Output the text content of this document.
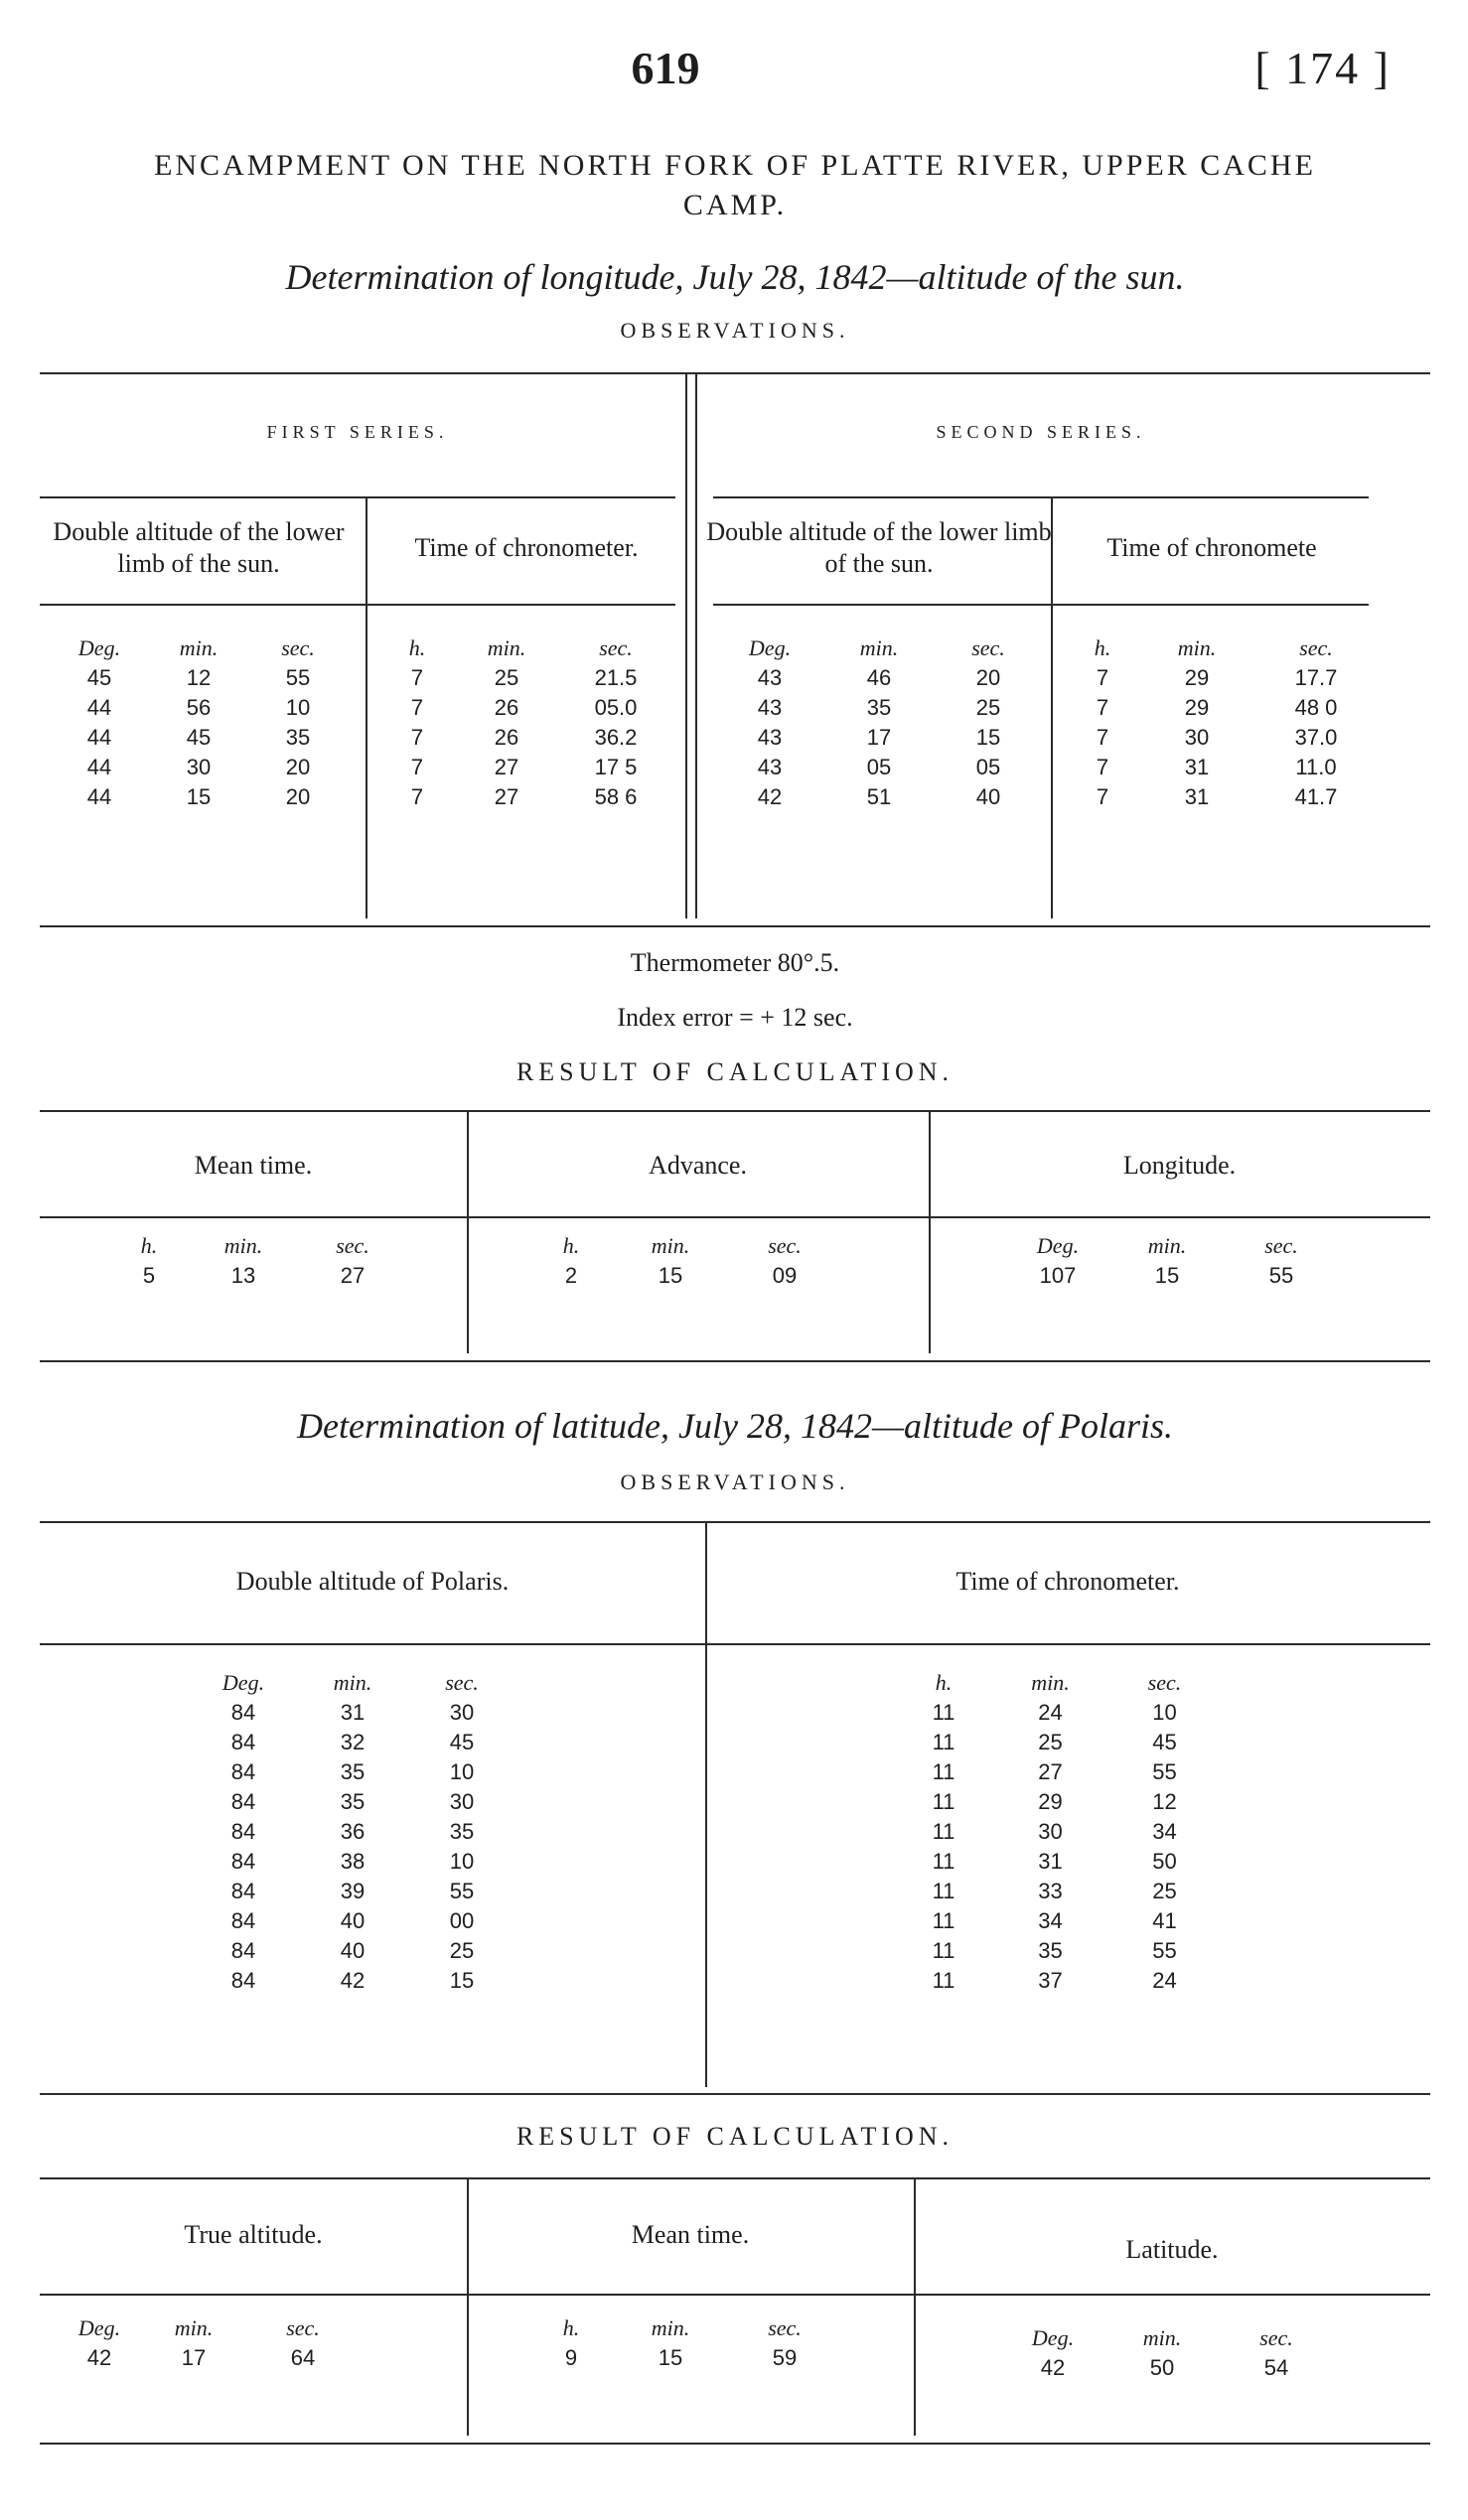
619	[ 174 ]
ENCAMPMENT ON THE NORTH FORK OF PLATTE RIVER, UPPER CACHE
CAMP.
Determination of longitude, July 28, 1842—altitude of the sun.
OBSERVATIONS.
FIRST SERIES.	SECOND SERIES.
Double altitude of the lower limb of the sun.
Time of chronometer.
Double altitude of the lower limb of the sun.
Time of chronomete
Deg.	min.	sec.
45	12	55
44	56	10
44	45	35
44	30	20
44	15	20
h.	min.	sec.
7	25	21.5
7	26	05.0
7	26	36.2
7	27	17 5
7	27	58 6
Deg.	min.	sec.
43	46	20
43	35	25
43	17	15
43	05	05
42	51	40
h.	min.	sec.
7	29	17.7
7	29	48 0
7	30	37.0
7	31	11.0
7	31	41.7
Thermometer 80°.5.
Index error = + 12 sec.
RESULT OF CALCULATION.
Mean time.	Advance.	Longitude.
h.	min.	sec.
5	13	27
h.	min.	sec.
2	15	09
Deg.	min.	sec.
107	15	55
Determination of latitude, July 28, 1842—altitude of Polaris.
OBSERVATIONS.
Double altitude of Polaris.	Time of chronometer.
Deg.	min.	sec.
84	31	30
84	32	45
84	35	10
84	35	30
84	36	35
84	38	10
84	39	55
84	40	00
84	40	25
84	42	15
h.	min.	sec.
11	24	10
11	25	45
11	27	55
11	29	12
11	30	34
11	31	50
11	33	25
11	34	41
11	35	55
11	37	24
RESULT OF CALCULATION.
True altitude.	Mean time.
Latitude.
Deg.	min.	sec.
42	17	64
h.	min.	sec.
9	15	59
Deg.	min.	sec.
42	50	54
